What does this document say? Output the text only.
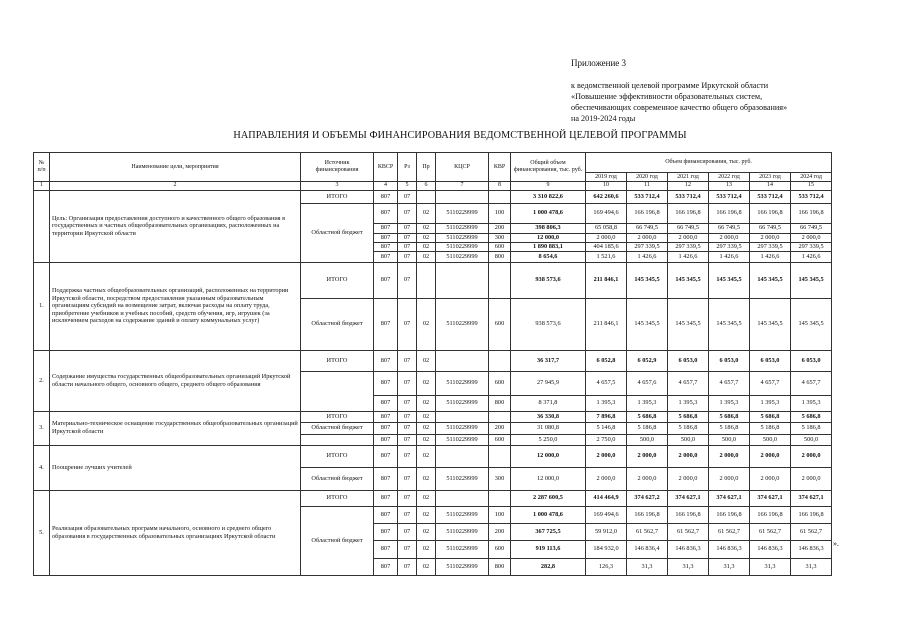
Приложение 3
к ведомственной целевой программе Иркутской области
«Повышение эффективности образовательных систем,
обеспечивающих современное качество общего образования»
на 2019-2024 годы
НАПРАВЛЕНИЯ И ОБЪЕМЫ ФИНАНСИРОВАНИЯ ВЕДОМСТВЕННОЙ ЦЕЛЕВОЙ ПРОГРАММЫ
№ п/п	Наименование цели, мероприятия	Источник финансирования	КВСР	Рз	Пр	КЦСР	КВР	Общий объем финансирования, тыс. руб.	Объем финансирования, тыс. руб.					
									2019 год	2020 год	2021 год	2022 год	2023 год	2024 год
1	2	3	4	5	6	7	8	9	10	11	12	13	14	15
	Цель: Организация предоставления доступного и качественного общего образования в государственных и частных общеобразовательных организациях, расположенных на территории Иркутской области	ИТОГО	807	07				3 310 822,6	642 260,6	533 712,4	533 712,4	533 712,4	533 712,4	533 712,4
		Областной бюджет	807	07	02	5110229999	100	1 000 478,6	169 494,6	166 196,8	166 196,8	166 196,8	166 196,8	166 196,8
			807	07	02	5110229999	200	398 806,3	65 058,8	66 749,5	66 749,5	66 749,5	66 749,5	66 749,5
			807	07	02	5110229999	300	12 000,0	2 000,0	2 000,0	2 000,0	2 000,0	2 000,0	2 000,0
			807	07	02	5110229999	600	1 890 883,1	404 185,6	297 339,5	297 339,5	297 339,5	297 339,5	297 339,5
			807	07	02	5110229999	800	8 654,6	1 521,6	1 426,6	1 426,6	1 426,6	1 426,6	1 426,6
1.	Поддержка частных общеобразовательных организаций, расположенных на территории Иркутской области, посредством предоставления указанным образовательным организациям субсидий на возмещение затрат, включая расходы на оплату труда, приобретение учебников и учебных пособий, средств обучения, игр, игрушек (за исключением расходов на содержание зданий и оплату коммунальных услуг)	ИТОГО	807	07				938 573,6	211 846,1	145 345,5	145 345,5	145 345,5	145 345,5	145 345,5
		Областной бюджет	807	07	02	5110229999	600	938 573,6	211 846,1	145 345,5	145 345,5	145 345,5	145 345,5	145 345,5
2.	Содержание имущества государственных общеобразовательных организаций Иркутской области начального общего, основного общего, среднего общего образования	ИТОГО	807	07	02			36 317,7	6 052,8	6 052,9	6 053,0	6 053,0	6 053,0	6 053,0
			807	07	02	5110229999	600	27 945,9	4 657,5	4 657,6	4 657,7	4 657,7	4 657,7	4 657,7
			807	07	02	5110229999	800	8 371,8	1 395,3	1 395,3	1 395,3	1 395,3	1 395,3	1 395,3
3.	Материально-техническое оснащение государственных общеобразовательных организаций Иркутской области	ИТОГО	807	07	02			36 330,8	7 896,8	5 686,8	5 686,8	5 686,8	5 686,8	5 686,8
		Областной бюджет	807	07	02	5110229999	200	31 080,8	5 146,8	5 186,8	5 186,8	5 186,8	5 186,8	5 186,8
			807	07	02	5110229999	600	5 250,0	2 750,0	500,0	500,0	500,0	500,0	500,0
4.	Поощрение лучших учителей	ИТОГО	807	07	02			12 000,0	2 000,0	2 000,0	2 000,0	2 000,0	2 000,0	2 000,0
		Областной бюджет	807	07	02	5110229999	300	12 000,0	2 000,0	2 000,0	2 000,0	2 000,0	2 000,0	2 000,0
5.	Реализация образовательных программ начального, основного и среднего общего образования в государственных образовательных организациях Иркутской области	ИТОГО	807	07	02			2 287 600,5	414 464,9	374 627,2	374 627,1	374 627,1	374 627,1	374 627,1
		Областной бюджет	807	07	02	5110229999	100	1 000 478,6	169 494,6	166 196,8	166 196,8	166 196,8	166 196,8	166 196,8
			807	07	02	5110229999	200	367 725,5	59 912,0	61 562,7	61 562,7	61 562,7	61 562,7	61 562,7
			807	07	02	5110229999	600	919 113,6	184 932,0	146 836,4	146 836,3	146 836,3	146 836,3	146 836,3
			807	07	02	5110229999	800	282,8	126,3	31,3	31,3	31,3	31,3	31,3
».
